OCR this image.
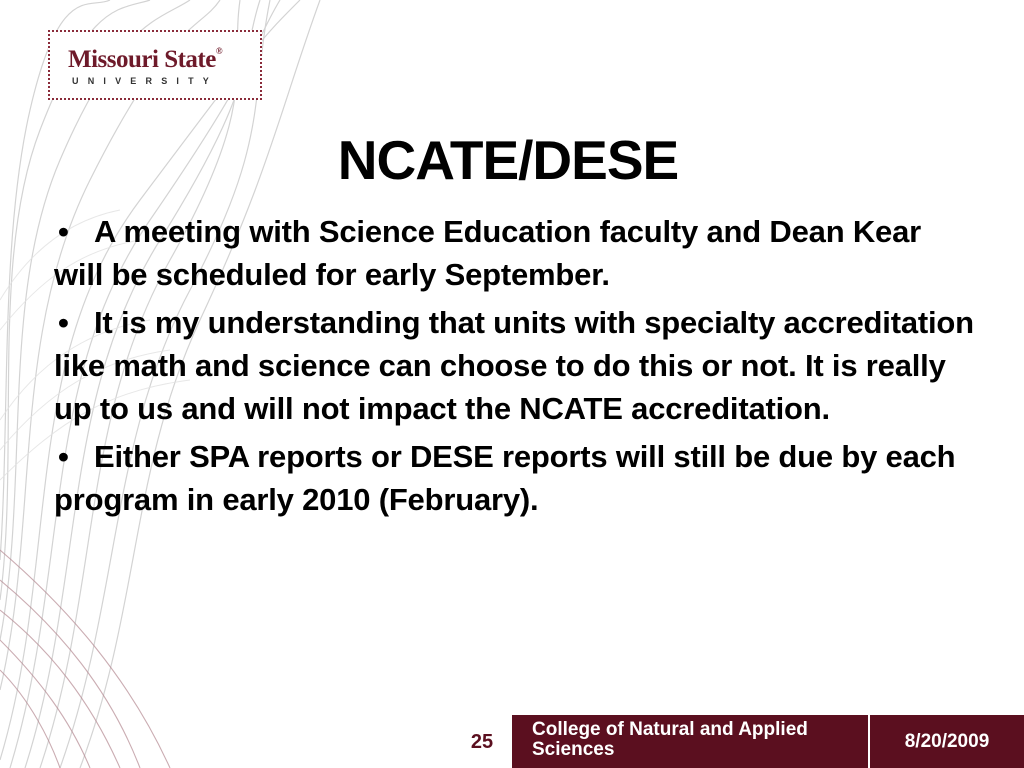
Missouri State®
UNIVERSITY
NCATE/DESE
• A meeting with Science Education faculty and Dean Kear will be scheduled for early September.
• It is my understanding that units with specialty accreditation like math and science can choose to do this or not. It is really up to us and will not impact the NCATE accreditation.
• Either SPA reports or DESE reports will still be due by each program in early 2010 (February).
25
College of Natural and Applied Sciences	8/20/2009
